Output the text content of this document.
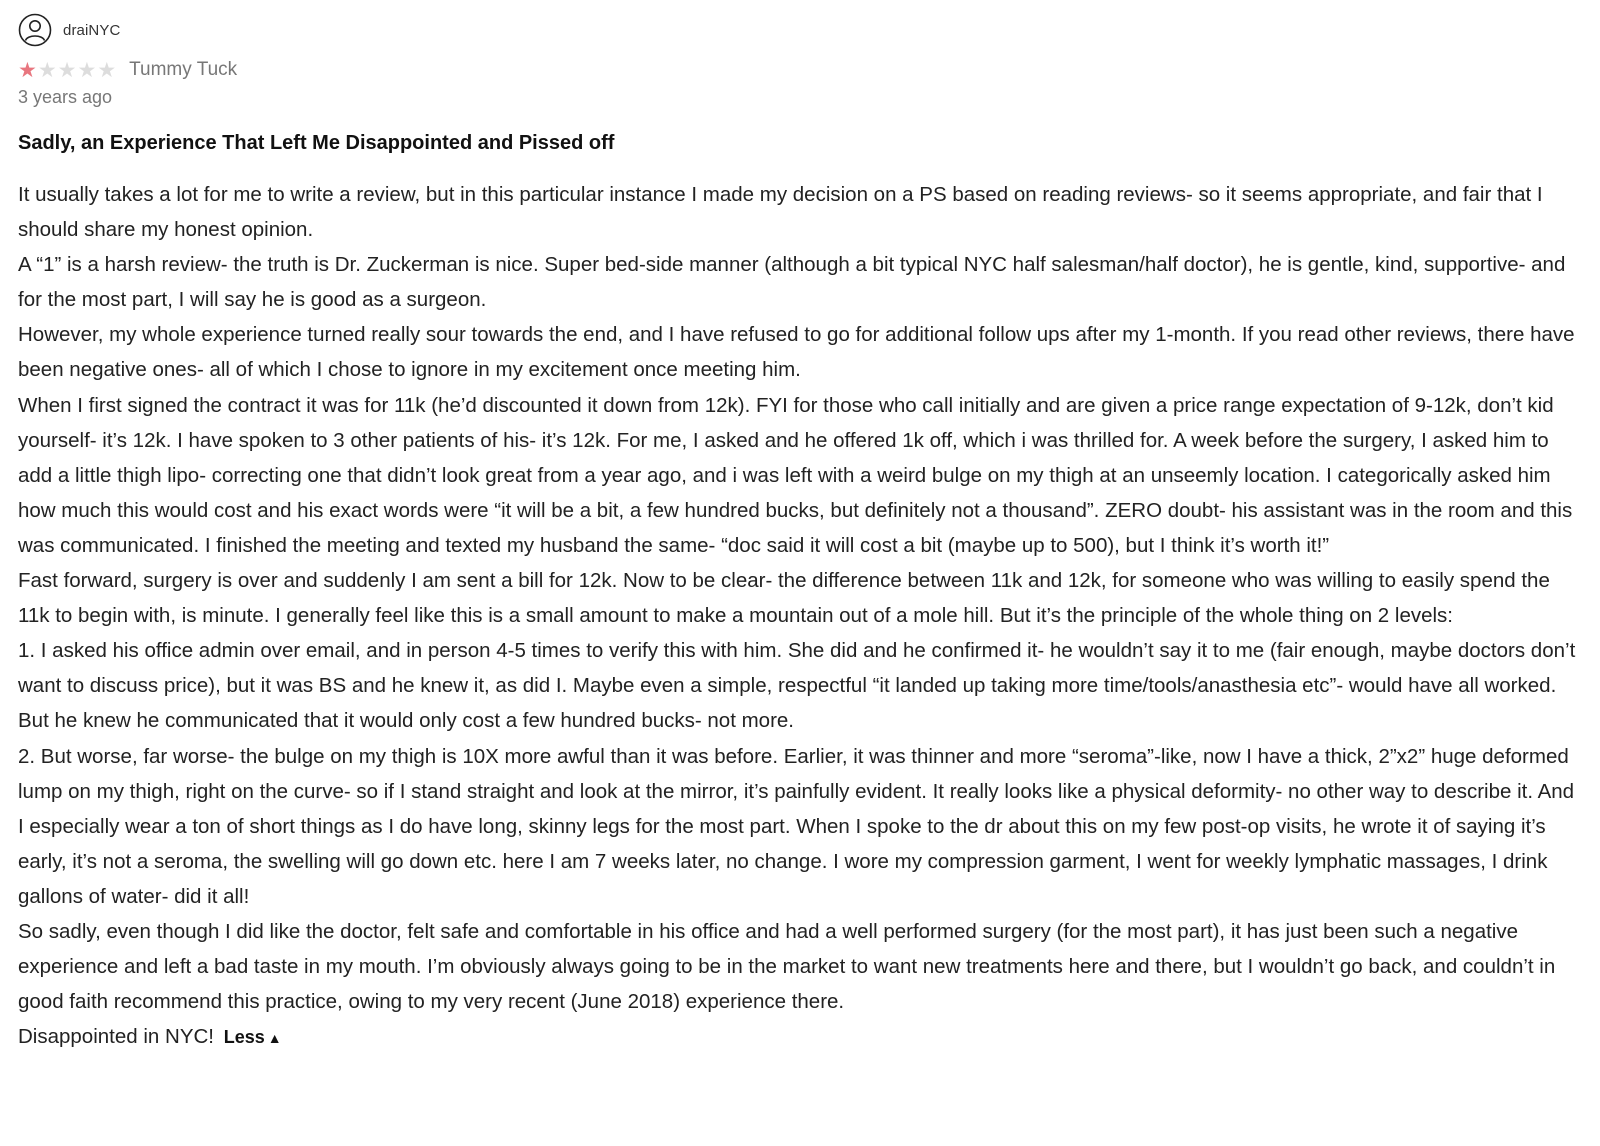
draiNYC
★ ★ ★ ★ ★ Tummy Tuck
3 years ago
Sadly, an Experience That Left Me Disappointed and Pissed off

It usually takes a lot for me to write a review, but in this particular instance I made my decision on a PS based on reading reviews- so it seems appropriate, and fair that I should share my honest opinion.

A “1” is a harsh review- the truth is Dr. Zuckerman is nice. Super bed-side manner (although a bit typical NYC half salesman/half doctor), he is gentle, kind, supportive- and for the most part, I will say he is good as a surgeon.

However, my whole experience turned really sour towards the end, and I have refused to go for additional follow ups after my 1-month. If you read other reviews, there have been negative ones- all of which I chose to ignore in my excitement once meeting him.

When I first signed the contract it was for 11k (he’d discounted it down from 12k). FYI for those who call initially and are given a price range expectation of 9-12k, don’t kid yourself- it’s 12k. I have spoken to 3 other patients of his- it’s 12k. For me, I asked and he offered 1k off, which i was thrilled for. A week before the surgery, I asked him to add a little thigh lipo- correcting one that didn’t look great from a year ago, and i was left with a weird bulge on my thigh at an unseemly location. I categorically asked him how much this would cost and his exact words were “it will be a bit, a few hundred bucks, but definitely not a thousand”. ZERO doubt- his assistant was in the room and this was communicated. I finished the meeting and texted my husband the same- “doc said it will cost a bit (maybe up to 500), but I think it’s worth it!”

Fast forward, surgery is over and suddenly I am sent a bill for 12k. Now to be clear- the difference between 11k and 12k, for someone who was willing to easily spend the 11k to begin with, is minute. I generally feel like this is a small amount to make a mountain out of a mole hill. But it’s the principle of the whole thing on 2 levels:

1. I asked his office admin over email, and in person 4-5 times to verify this with him. She did and he confirmed it- he wouldn’t say it to me (fair enough, maybe doctors don’t want to discuss price), but it was BS and he knew it, as did I. Maybe even a simple, respectful “it landed up taking more time/tools/anasthesia etc”- would have all worked. But he knew he communicated that it would only cost a few hundred bucks- not more.

2. But worse, far worse- the bulge on my thigh is 10X more awful than it was before. Earlier, it was thinner and more “seroma”-like, now I have a thick, 2”x2” huge deformed lump on my thigh, right on the curve- so if I stand straight and look at the mirror, it’s painfully evident. It really looks like a physical deformity- no other way to describe it. And I especially wear a ton of short things as I do have long, skinny legs for the most part. When I spoke to the dr about this on my few post-op visits, he wrote it of saying it’s early, it’s not a seroma, the swelling will go down etc. here I am 7 weeks later, no change. I wore my compression garment, I went for weekly lymphatic massages, I drink gallons of water- did it all!

So sadly, even though I did like the doctor, felt safe and comfortable in his office and had a well performed surgery (for the most part), it has just been such a negative experience and left a bad taste in my mouth. I’m obviously always going to be in the market to want new treatments here and there, but I wouldn’t go back, and couldn’t in good faith recommend this practice, owing to my very recent (June 2018) experience there.

Disappointed in NYC! Less ▲
